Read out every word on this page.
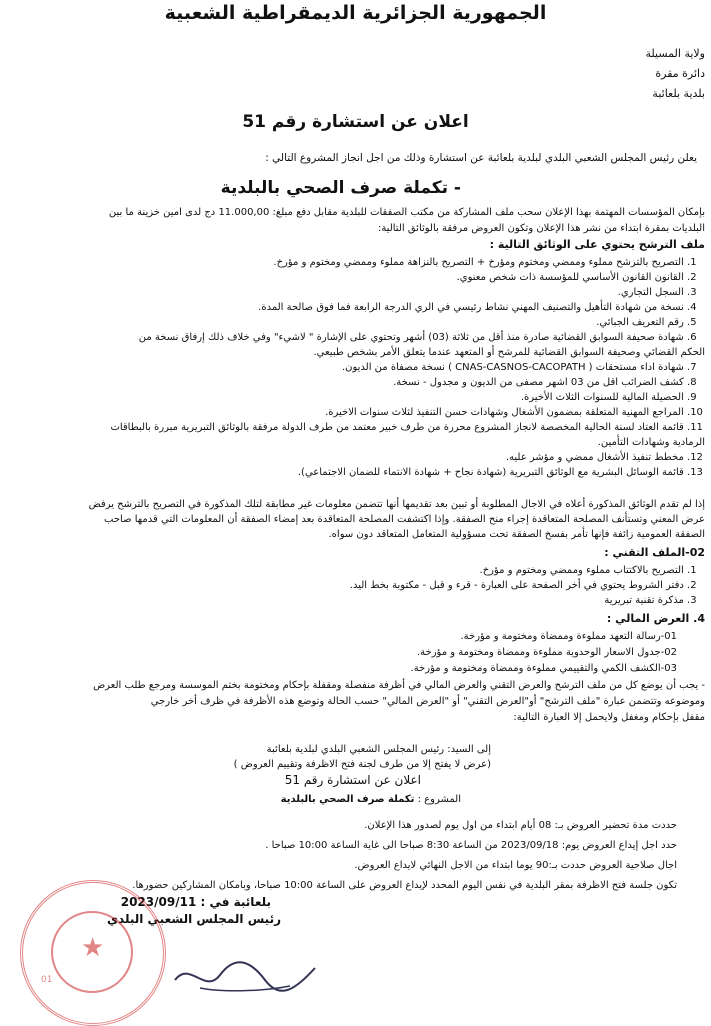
الجمهورية الجزائرية الديمقراطية الشعبية
ولاية المسيلة
دائرة مقرة
بلدية بلعائبة
اعلان عن استشارة رقم 51
يعلن رئيس المجلس الشعبي البلدي لبلدية بلعائبة عن استشارة وذلك من اجل انجاز المشروع التالي :
- تكملة صرف الصحي بالبلدية
بإمكان المؤسسات المهتمة بهذا الإعلان سحب ملف المشاركة من مكتب الصفقات للبلدية مقابل دفع مبلغ: 11.000,00 دج لدى امين خزينة ما بين
البلديات بمقرة ابتداء من نشر هذا الإعلان وتكون العروض مرفقة بالوثائق التالية:
ملف الترشح يحتوي على الوثائق التالية :
1. التصريح بالترشح مملوء وممضي ومختوم ومؤرخ + التصريح بالنزاهة مملوء وممضي ومختوم و مؤرخ.
2. القانون القانون الأساسي للمؤسسة ذات شخص معنوي.
3. السجل التجاري.
4. نسخة من شهادة التأهيل والتصنيف المهني نشاط رئيسي في الري الدرجة الرابعة فما فوق صالحة المدة.
5. رقم التعريف الجبائي.
6. شهادة صحيفة السوابق القضائية صادرة منذ أقل من ثلاثة (03) أشهر وتحتوي على الإشارة " لاشيء" وفي خلاف ذلك إرفاق نسخة من
الحكم القضائي وصحيفة السوابق القضائية للمرشح أو المتعهد عندما يتعلق الأمر بشخص طبيعي.
7. شهادة اداء مستحقات ( CNAS-CASNOS-CACOPATH ) نسخة مصفاة من الديون.
8. كشف الضرائب اقل من 03 اشهر مصفى من الديون و مجدول - نسخة.
9. الحصيلة المالية للسنوات الثلاث الأخيرة.
10. المراجع المهنية المتعلقة بمضمون الأشغال وشهادات حسن التنفيذ لثلاث سنوات الاخيرة.
11. قائمة العتاد لسنة الحالية المخصصة لانجاز المشروع محررة من طرف خبير معتمد من طرف الدولة مرفقة بالوثائق التبريرية مبررة بالبطاقات
الرمادية وشهادات التأمين.
12. مخطط تنفيذ الأشغال ممضي و مؤشر عليه.
13. قائمة الوسائل البشرية مع الوثائق التبريرية (شهادة نجاح + شهادة الانتماء للضمان الاجتماعي).
إذا لم تقدم الوثائق المذكورة أعلاه في الاجال المطلوبة أو تبين بعد تقديمها أنها تتضمن معلومات غير مطابقة لتلك المذكورة في التصريح بالترشح يرفض
عرض المعني وتستأنف المصلحة المتعاقدة إجراء منح الصفقة. وإذا اكتشفت المصلحة المتعاقدة بعد إمضاء الصفقة أن المعلومات التي قدمها صاحب
الصفقة العمومية زائفة فإنها تأمر بفسخ الصفقة تحت مسؤولية المتعامل المتعاقد دون سواه.
02-الملف التقني :
1. التصريح بالاكتتاب مملوء وممضي ومختوم و مؤرخ.
2. دفتر الشروط يحتوي في أخر الصفحة على العبارة - قرء و قبل - مكتوبة بخط اليد.
3. مذكرة تقنية تبريرية
4. العرض المالي :
01-رسالة التعهد مملوءة وممضاة ومختومة و مؤرخة.
02-جدول الاسعار الوحدوية مملوءة وممضاة ومختومة و مؤرخة.
03-الكشف الكمي والتقييمي مملوءة وممضاة ومختومة و مؤرخة.
- يجب أن يوضع كل من ملف الترشح والعرض التقني والعرض المالي في أظرفة منفصلة ومقفلة بإحكام ومختومة بختم الموسسة ومرجع طلب العرض
وموضوعه وتتضمن عبارة "ملف الترشح" أو"العرض التقني" أو "العرض المالي" حسب الحالة وتوضع هذه الأظرفة في ظرف أخر خارجي
مقفل بإحكام ومغفل ولايحمل إلا العبارة التالية:
إلى السيد: رئيس المجلس الشعبي البلدي لبلدية بلعائبة
(عرض لا يفتح إلا من طرف لجنة فتح الاظرفة وتقييم العروض )
اعلان عن استشارة رقم 51
المشروع : تكملة صرف الصحي بالبلدية
حددت مدة تحضير العروض بـ: 08 أيام ابتداء من اول يوم لصدور هذا الإعلان.
حدد اجل إيداع العروض يوم: 2023/09/18 من الساعة 8:30 صباحا الى غاية الساعة 10:00 صباحا .
اجال صلاحية العروض حددت بـ:90 يوما ابتداء من الاجل النهائي لايداع العروض.
تكون جلسة فتح الاظرفة بمقر البلدية في نفس اليوم المحدد لإيداع العروض على الساعة 10:00 صباحا، وبامكان المشاركين حضورها.
بلعائبة في : 2023/09/11
رئيس المجلس الشعبي البلدي
★
01
